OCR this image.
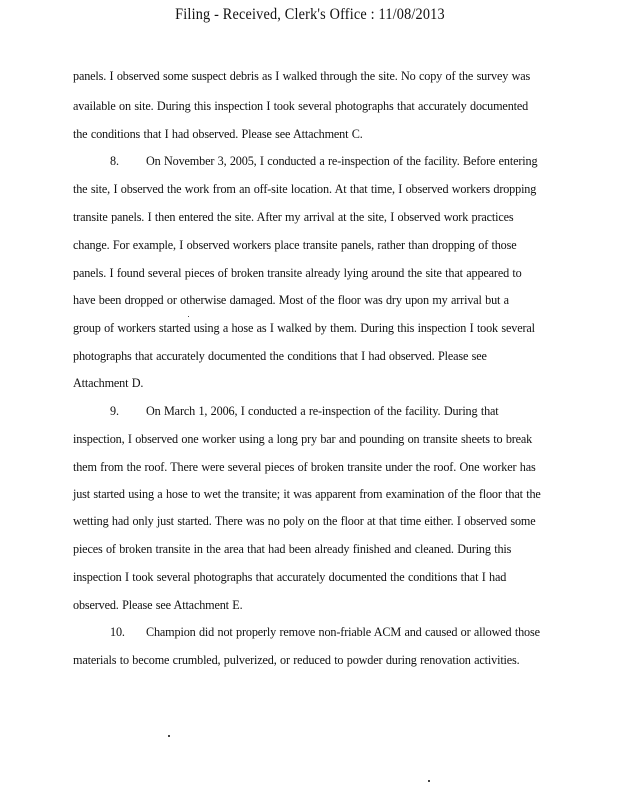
Filing - Received, Clerk's Office : 11/08/2013
panels. I observed some suspect debris as I walked through the site. No copy of the survey was
available on site. During this inspection I took several photographs that accurately documented
the conditions that I had observed. Please see Attachment C.
8. On November 3, 2005, I conducted a re-inspection of the facility. Before entering
the site, I observed the work from an off-site location. At that time, I observed workers dropping
transite panels. I then entered the site. After my arrival at the site, I observed work practices
change. For example, I observed workers place transite panels, rather than dropping of those
panels. I found several pieces of broken transite already lying around the site that appeared to
have been dropped or otherwise damaged. Most of the floor was dry upon my arrival but a
group of workers started using a hose as I walked by them. During this inspection I took several
photographs that accurately documented the conditions that I had observed. Please see
Attachment D.
9. On March 1, 2006, I conducted a re-inspection of the facility. During that
inspection, I observed one worker using a long pry bar and pounding on transite sheets to break
them from the roof. There were several pieces of broken transite under the roof. One worker has
just started using a hose to wet the transite; it was apparent from examination of the floor that the
wetting had only just started. There was no poly on the floor at that time either. I observed some
pieces of broken transite in the area that had been already finished and cleaned. During this
inspection I took several photographs that accurately documented the conditions that I had
observed. Please see Attachment E.
10. Champion did not properly remove non-friable ACM and caused or allowed those
materials to become crumbled, pulverized, or reduced to powder during renovation activities.
